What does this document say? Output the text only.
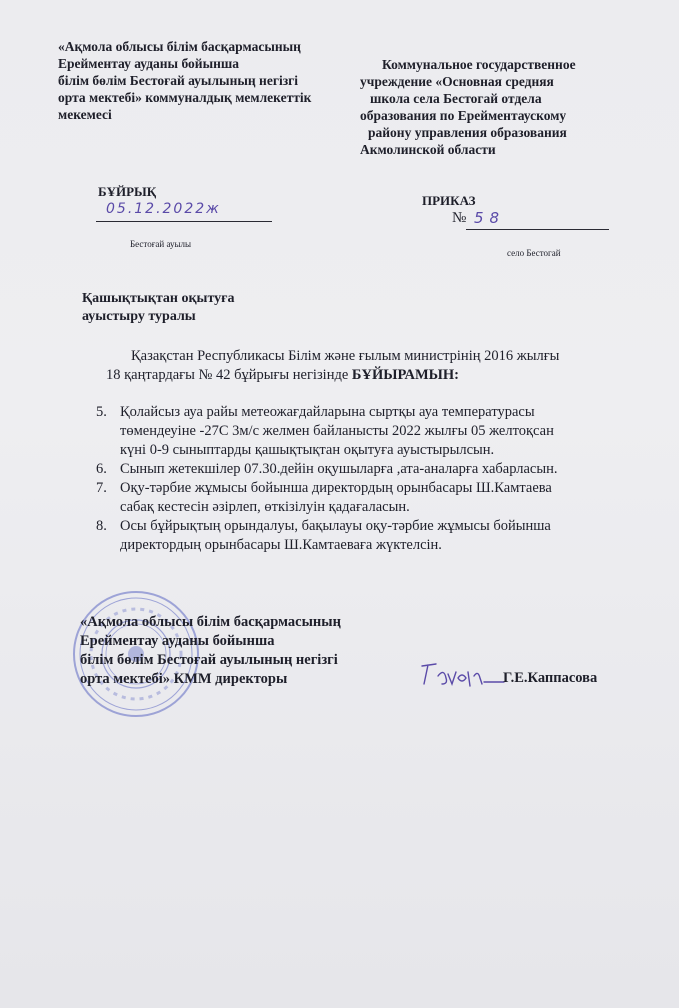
«Ақмола облысы білім басқармасының
Ерейментау ауданы бойынша
білім бөлім Бестоғай ауылының негізгі
орта мектебі» коммуналдық мемлекеттік
мекемесі
Коммунальное государственное
учреждение «Основная средняя
школа села Бестогай отдела
образования по Ерейментаускому
району управления образования
Акмолинской области
БҰЙРЫҚ
05.12.2022ж
Бестоғай ауылы
ПРИКАЗ
№ 58
село Бестогай
Қашықтықтан оқытуға
ауыстыру туралы
Қазақстан Республикасы Білім және ғылым министрінің 2016 жылғы
18 қаңтардағы № 42 бұйрығы негізінде БҰЙЫРАМЫН:
5. Қолайсыз ауа райы метеожағдайларына сыртқы ауа температурасы
төмендеуіне -27С 3м/с желмен байланысты 2022 жылғы 05 желтоқсан
күні 0-9 сыныптарды қашықтықтан оқытуға ауыстырылсын.
6. Сынып жетекшілер 07.30.дейін оқушыларға ,ата-аналарға хабарласын.
7. Оқу-тәрбие жұмысы бойынша директордың орынбасары Ш.Камтаева
сабақ кестесін әзірлеп, өткізілуін қадағаласын.
8. Осы бұйрықтың орындалуы, бақылауы оқу-тәрбие жұмысы бойынша
директордың орынбасары Ш.Камтаеваға жүктелсін.
«Ақмола облысы білім басқармасының
Ерейментау ауданы бойынша
білім бөлім Бестоғай ауылының негізгі
орта мектебі» КММ директоры	Г.Е.Каппасова
